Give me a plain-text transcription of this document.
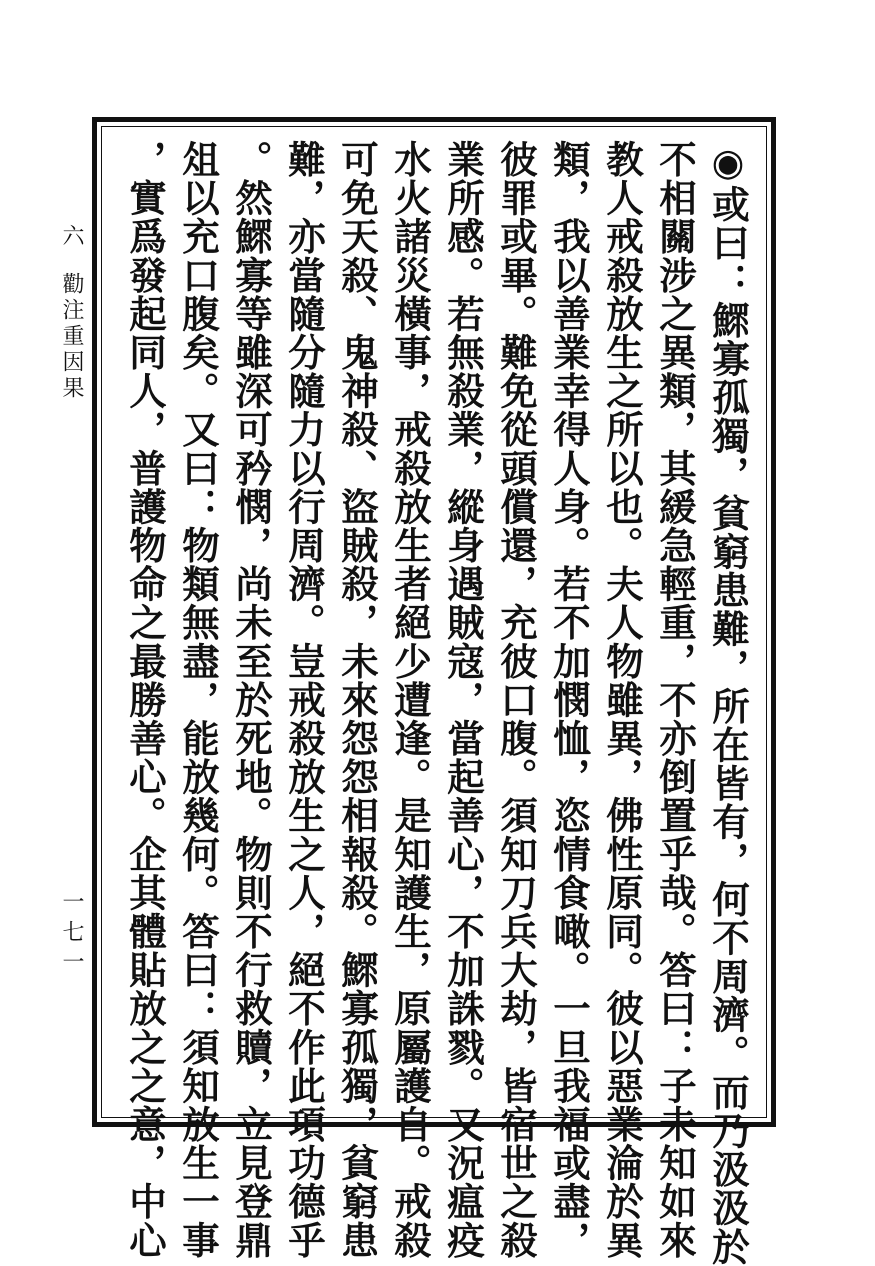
六勸注重因果
一七一
◉或曰：鰥寡孤獨，貧窮患難，所在皆有，何不周濟。而乃汲汲於
不相關涉之異類，其緩急輕重，不亦倒置乎哉。答曰：子未知如來
教人戒殺放生之所以也。夫人物雖異，佛性原同。彼以惡業淪於異
類，我以善業幸得人身。若不加憫恤，恣情食噉。一旦我福或盡，
彼罪或畢。難免從頭償還，充彼口腹。須知刀兵大劫，皆宿世之殺
業所感。若無殺業，縱身遇賊寇，當起善心，不加誅戮。又況瘟疫
水火諸災橫事，戒殺放生者絕少遭逢。是知護生，原屬護自。戒殺
可免天殺、鬼神殺、盜賊殺，未來怨怨相報殺。鰥寡孤獨，貧窮患
難，亦當隨分隨力以行周濟。豈戒殺放生之人，絕不作此項功德乎
。然鰥寡等雖深可矜憫，尚未至於死地。物則不行救贖，立見登鼎
俎以充口腹矣。又曰：物類無盡，能放幾何。答曰：須知放生一事
，實爲發起同人，普護物命之最勝善心。企其體貼放之之意，中心
